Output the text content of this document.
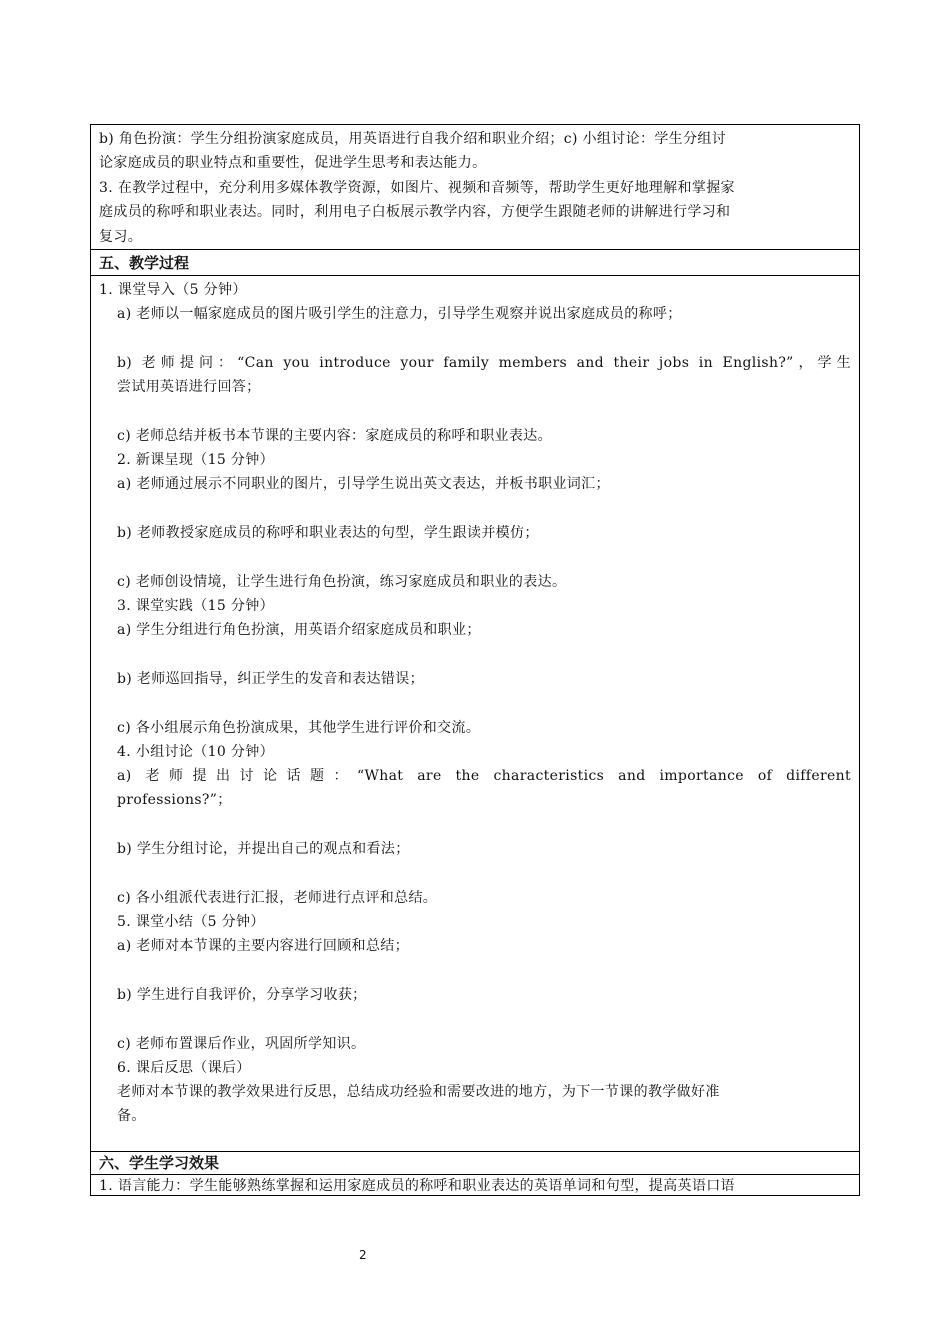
b) 角色扮演：学生分组扮演家庭成员，用英语进行自我介绍和职业介绍；c) 小组讨论：学生分组讨
论家庭成员的职业特点和重要性，促进学生思考和表达能力。
3. 在教学过程中，充分利用多媒体教学资源，如图片、视频和音频等，帮助学生更好地理解和掌握家
庭成员的称呼和职业表达。同时，利用电子白板展示教学内容，方便学生跟随老师的讲解进行学习和
复习。
五、教学过程
1. 课堂导入（5 分钟）
a) 老师以一幅家庭成员的图片吸引学生的注意力，引导学生观察并说出家庭成员的称呼；
b) 老师提问：“Can you introduce your family members and their jobs in English?”，学生
尝试用英语进行回答；
c) 老师总结并板书本节课的主要内容：家庭成员的称呼和职业表达。
2. 新课呈现（15 分钟）
a) 老师通过展示不同职业的图片，引导学生说出英文表达，并板书职业词汇；
b) 老师教授家庭成员的称呼和职业表达的句型，学生跟读并模仿；
c) 老师创设情境，让学生进行角色扮演，练习家庭成员和职业的表达。
3. 课堂实践（15 分钟）
a) 学生分组进行角色扮演，用英语介绍家庭成员和职业；
b) 老师巡回指导，纠正学生的发音和表达错误；
c) 各小组展示角色扮演成果，其他学生进行评价和交流。
4. 小组讨论（10 分钟）
a) 老师提出讨论话题：“What are the characteristics and importance of different
professions?”；
b) 学生分组讨论，并提出自己的观点和看法；
c) 各小组派代表进行汇报，老师进行点评和总结。
5. 课堂小结（5 分钟）
a) 老师对本节课的主要内容进行回顾和总结；
b) 学生进行自我评价，分享学习收获；
c) 老师布置课后作业，巩固所学知识。
6. 课后反思（课后）
老师对本节课的教学效果进行反思，总结成功经验和需要改进的地方，为下一节课的教学做好准
备。
六、学生学习效果
1. 语言能力：学生能够熟练掌握和运用家庭成员的称呼和职业表达的英语单词和句型，提高英语口语
2
